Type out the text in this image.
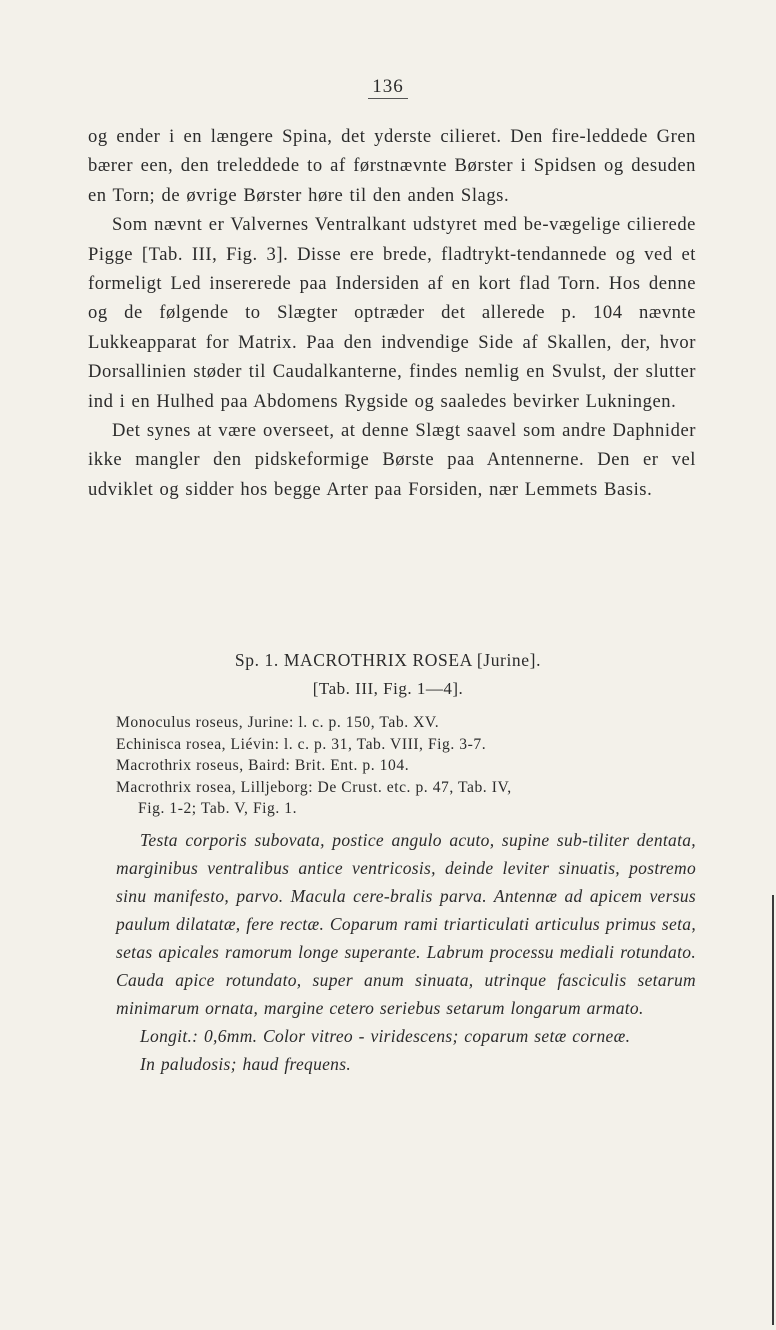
136

og ender i en længere Spina, det yderste cilieret. Den fire-leddede Gren bærer een, den treleddede to af førstnævnte Børster i Spidsen og desuden en Torn; de øvrige Børster høre til den anden Slags.

Som nævnt er Valvernes Ventralkant udstyret med be-vægelige cilierede Pigge [Tab. III, Fig. 3]. Disse ere brede, fladtrykt-tendannede og ved et formeligt Led insererede paa Indersiden af en kort flad Torn. Hos denne og de følgende to Slægter optræder det allerede p. 104 nævnte Lukkeapparat for Matrix. Paa den indvendige Side af Skallen, der, hvor Dorsallinien støder til Caudalkanterne, findes nemlig en Svulst, der slutter ind i en Hulhed paa Abdomens Rygside og saaledes bevirker Lukningen.

Det synes at være overseet, at denne Slægt saavel som andre Daphnider ikke mangler den pidskeformige Børste paa Antennerne. Den er vel udviklet og sidder hos begge Arter paa Forsiden, nær Lemmets Basis.

Sp. 1. MACROTHRIX ROSEA [Jurine].
[Tab. III, Fig. 1—4].
Monoculus roseus, Jurine: l. c. p. 150, Tab. XV.
Echinisca rosea, Liévin: l. c. p. 31, Tab. VIII, Fig. 3-7.
Macrothrix roseus, Baird: Brit. Ent. p. 104.
Macrothrix rosea, Lilljeborg: De Crust. etc. p. 47, Tab. IV,
Fig. 1-2; Tab. V, Fig. 1.

Testa corporis subovata, postice angulo acuto, supine sub-tiliter dentata, marginibus ventralibus antice ventricosis, deinde leviter sinuatis, postremo sinu manifesto, parvo. Macula cere-bralis parva. Antennæ ad apicem versus paulum dilatatæ, fere rectæ. Coparum rami triarticulati articulus primus seta, setas apicales ramorum longe superante. Labrum processu mediali rotundato. Cauda apice rotundato, super anum sinuata, utrinque fasciculis setarum minimarum ornata, margine cetero seriebus setarum longarum armato.

Longit.: 0,6mm. Color vitreo - viridescens; coparum setæ corneæ.

In paludosis; haud frequens.
